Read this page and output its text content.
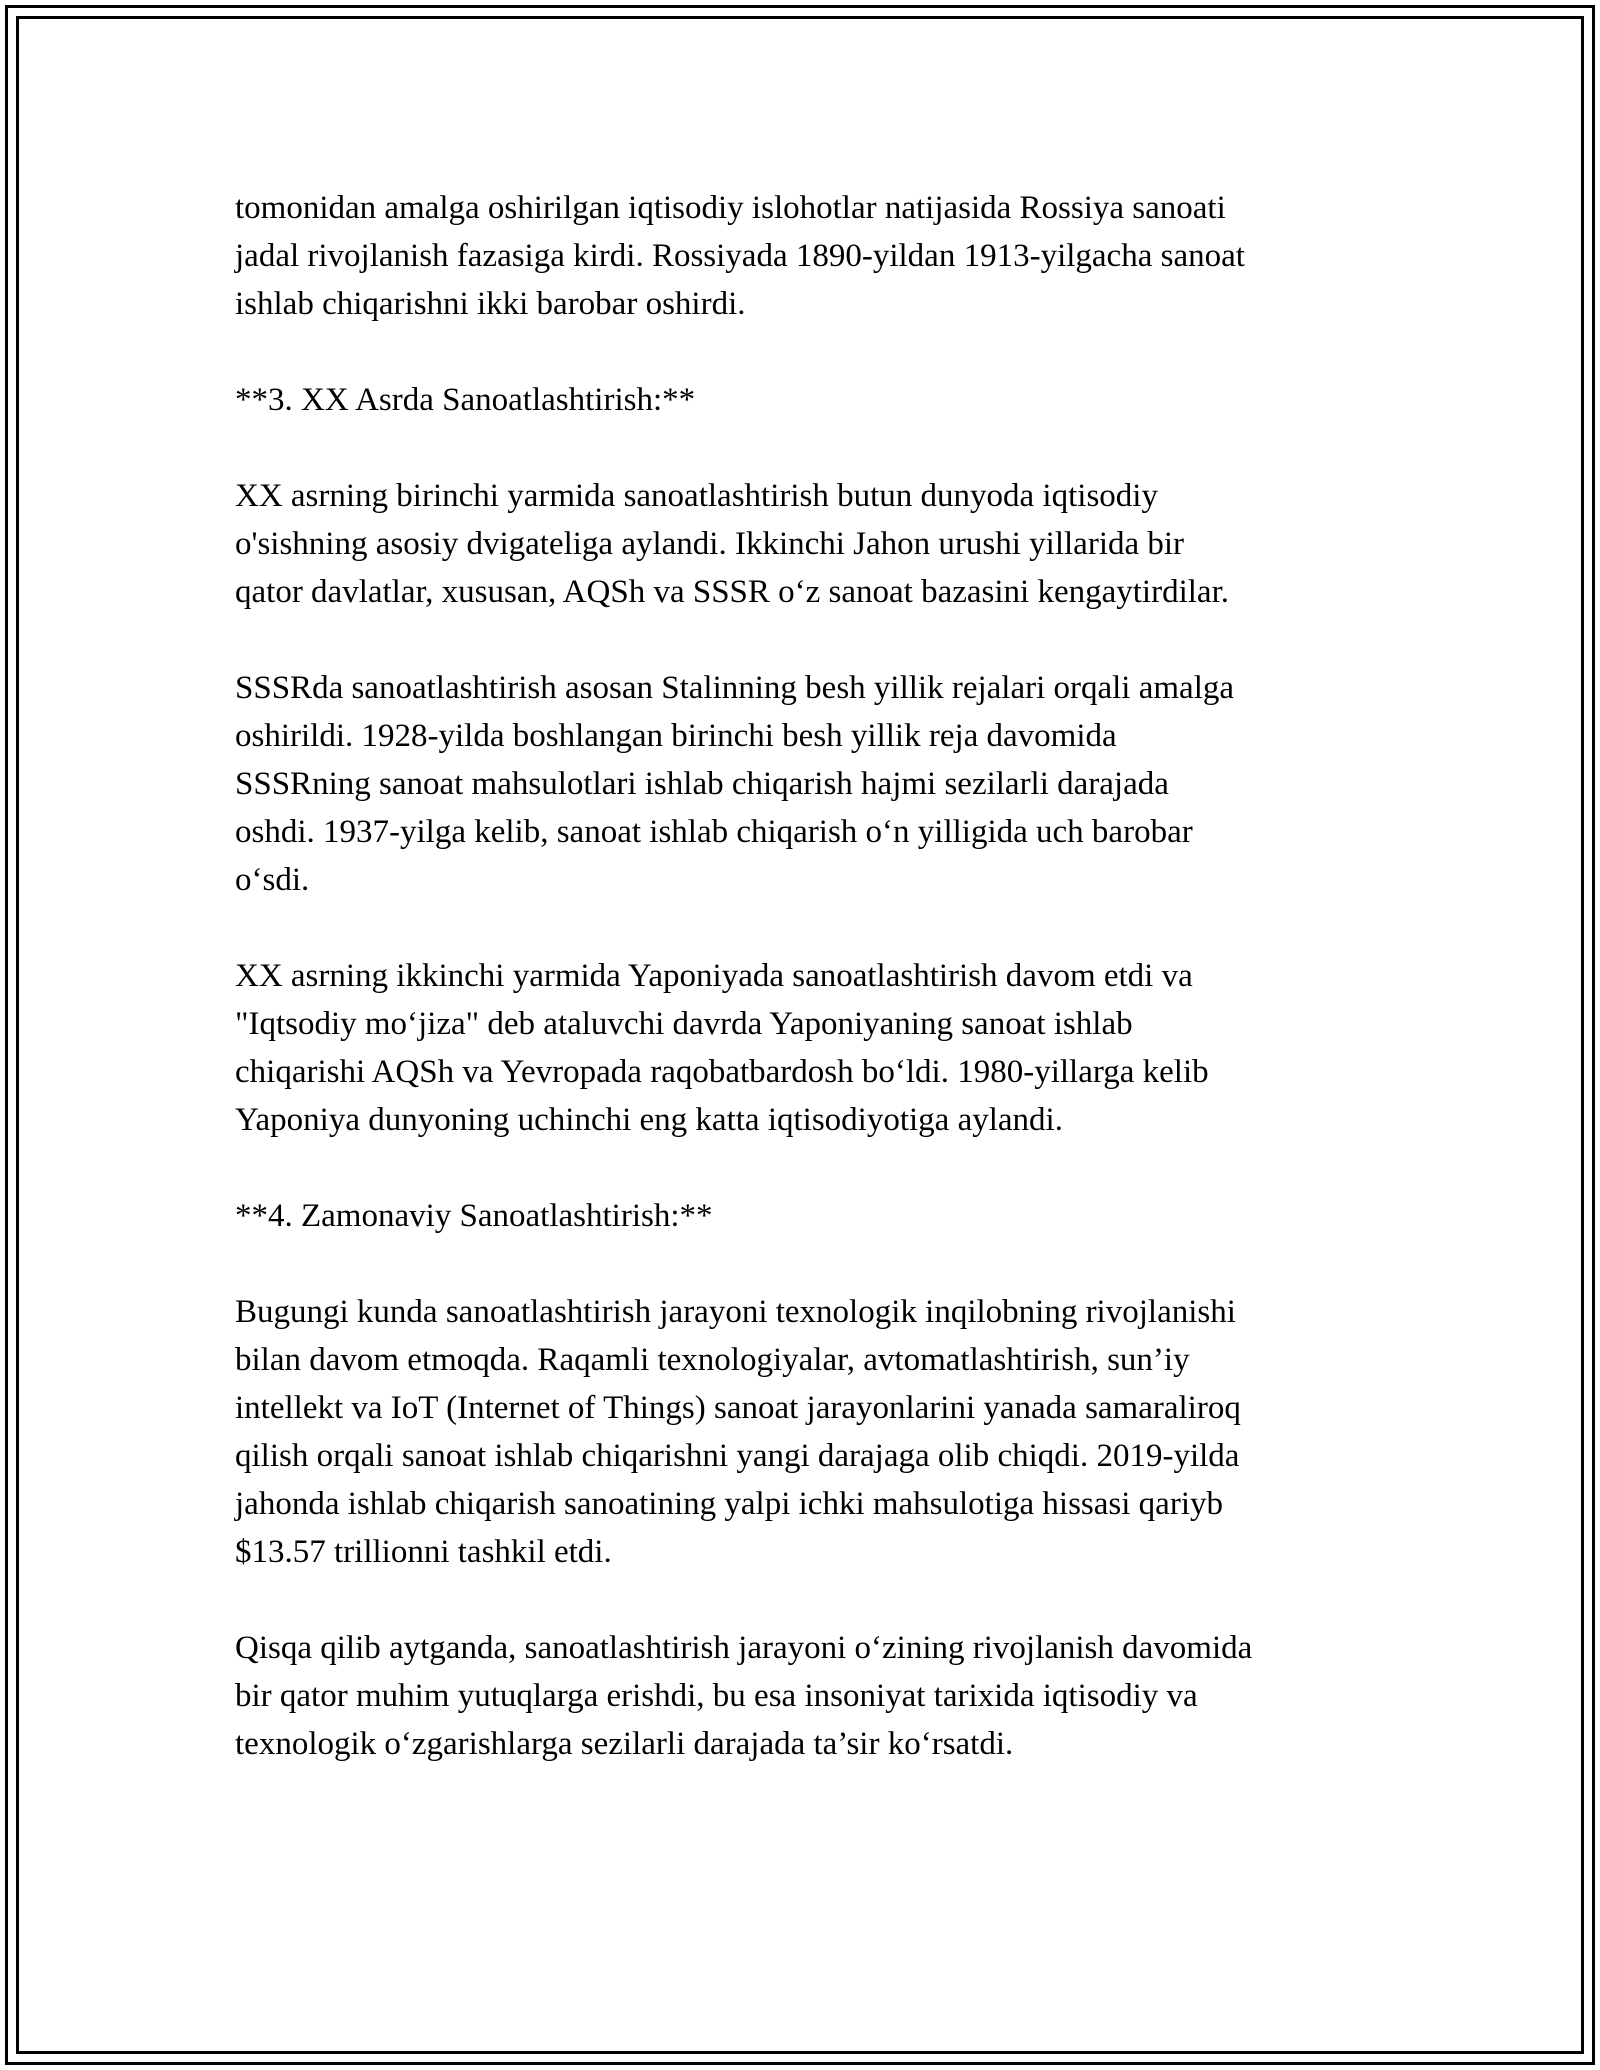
tomonidan amalga oshirilgan iqtisodiy islohotlar natijasida Rossiya sanoati
jadal rivojlanish fazasiga kirdi. Rossiyada 1890-yildan 1913-yilgacha sanoat
ishlab chiqarishni ikki barobar oshirdi.

**3. XX Asrda Sanoatlashtirish:**

XX asrning birinchi yarmida sanoatlashtirish butun dunyoda iqtisodiy
o'sishning asosiy dvigateliga aylandi. Ikkinchi Jahon urushi yillarida bir
qator davlatlar, xususan, AQSh va SSSR o‘z sanoat bazasini kengaytirdilar.

SSSRda sanoatlashtirish asosan Stalinning besh yillik rejalari orqali amalga
oshirildi. 1928-yilda boshlangan birinchi besh yillik reja davomida
SSSRning sanoat mahsulotlari ishlab chiqarish hajmi sezilarli darajada
oshdi. 1937-yilga kelib, sanoat ishlab chiqarish o‘n yilligida uch barobar
o‘sdi.

XX asrning ikkinchi yarmida Yaponiyada sanoatlashtirish davom etdi va
"Iqtsodiy mo‘jiza" deb ataluvchi davrda Yaponiyaning sanoat ishlab
chiqarishi AQSh va Yevropada raqobatbardosh bo‘ldi. 1980-yillarga kelib
Yaponiya dunyoning uchinchi eng katta iqtisodiyotiga aylandi.

**4. Zamonaviy Sanoatlashtirish:**

Bugungi kunda sanoatlashtirish jarayoni texnologik inqilobning rivojlanishi
bilan davom etmoqda. Raqamli texnologiyalar, avtomatlashtirish, sun’iy
intellekt va IoT (Internet of Things) sanoat jarayonlarini yanada samaraliroq
qilish orqali sanoat ishlab chiqarishni yangi darajaga olib chiqdi. 2019-yilda
jahonda ishlab chiqarish sanoatining yalpi ichki mahsulotiga hissasi qariyb
$13.57 trillionni tashkil etdi.

Qisqa qilib aytganda, sanoatlashtirish jarayoni o‘zining rivojlanish davomida
bir qator muhim yutuqlarga erishdi, bu esa insoniyat tarixida iqtisodiy va
texnologik o‘zgarishlarga sezilarli darajada ta’sir ko‘rsatdi.
